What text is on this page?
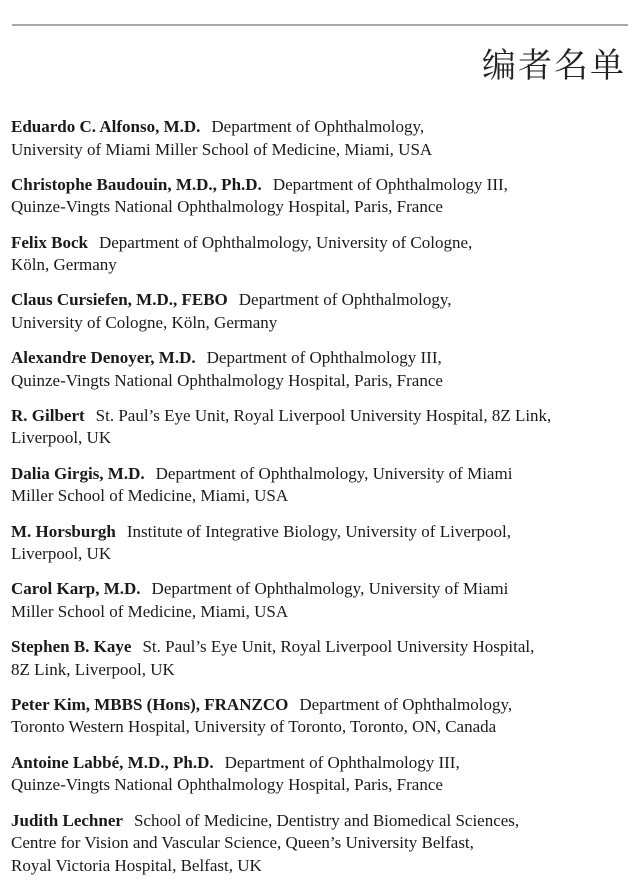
编者名单
Eduardo C. Alfonso, M.D. Department of Ophthalmology,
University of Miami Miller School of Medicine, Miami, USA
Christophe Baudouin, M.D., Ph.D. Department of Ophthalmology III,
Quinze-Vingts National Ophthalmology Hospital, Paris, France
Felix Bock Department of Ophthalmology, University of Cologne,
Köln, Germany
Claus Cursiefen, M.D., FEBO Department of Ophthalmology,
University of Cologne, Köln, Germany
Alexandre Denoyer, M.D. Department of Ophthalmology III,
Quinze-Vingts National Ophthalmology Hospital, Paris, France
R. Gilbert St. Paul’s Eye Unit, Royal Liverpool University Hospital, 8Z Link,
Liverpool, UK
Dalia Girgis, M.D. Department of Ophthalmology, University of Miami
Miller School of Medicine, Miami, USA
M. Horsburgh Institute of Integrative Biology, University of Liverpool,
Liverpool, UK
Carol Karp, M.D. Department of Ophthalmology, University of Miami
Miller School of Medicine, Miami, USA
Stephen B. Kaye St. Paul’s Eye Unit, Royal Liverpool University Hospital,
8Z Link, Liverpool, UK
Peter Kim, MBBS (Hons), FRANZCO Department of Ophthalmology,
Toronto Western Hospital, University of Toronto, Toronto, ON, Canada
Antoine Labbé, M.D., Ph.D. Department of Ophthalmology III,
Quinze-Vingts National Ophthalmology Hospital, Paris, France
Judith Lechner School of Medicine, Dentistry and Biomedical Sciences,
Centre for Vision and Vascular Science, Queen’s University Belfast,
Royal Victoria Hospital, Belfast, UK
